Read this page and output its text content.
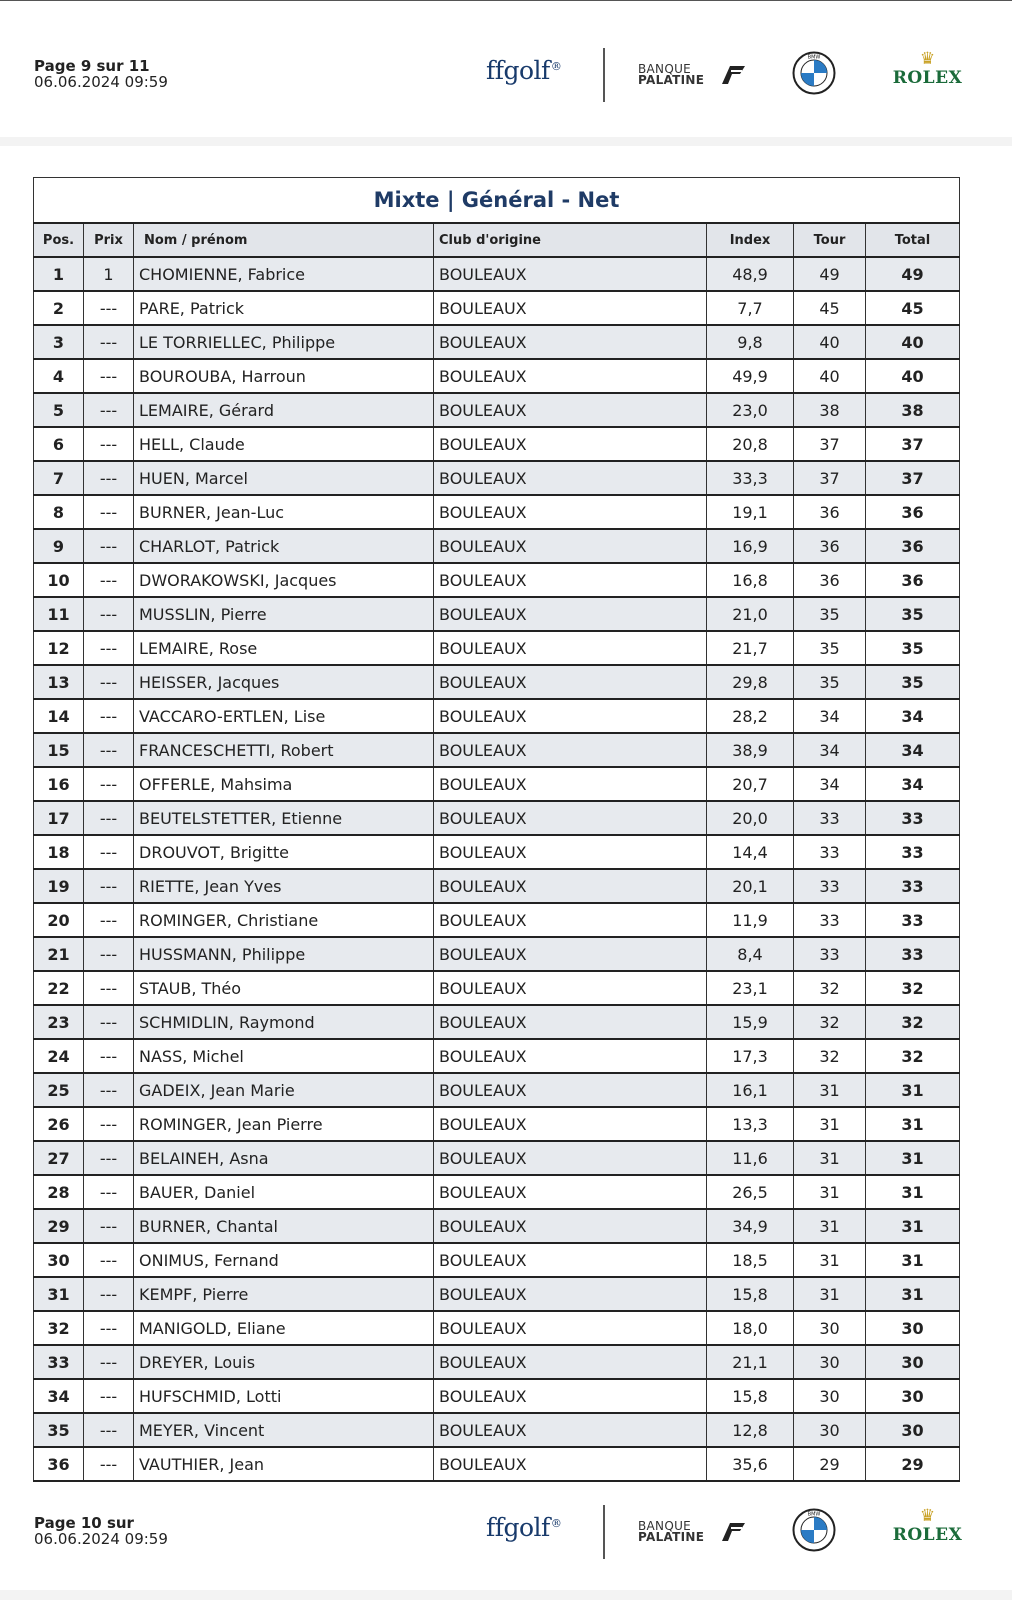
Page 9 sur 11
06.06.2024 09:59	ffgolf®	BANQUE
PALATINE
BMW	♛
ROLEX
Page 10 sur
06.06.2024 09:59	ffgolf®	BANQUE
PALATINE
BMW	♛
ROLEX
Mixte | Général - Net						
Pos.	Prix	Nom / prénom	Club d'origine	Index	Tour	Total
1	1	CHOMIENNE, Fabrice	BOULEAUX	48,9	49	49
2	---	PARE, Patrick	BOULEAUX	7,7	45	45
3	---	LE TORRIELLEC, Philippe	BOULEAUX	9,8	40	40
4	---	BOUROUBA, Harroun	BOULEAUX	49,9	40	40
5	---	LEMAIRE, Gérard	BOULEAUX	23,0	38	38
6	---	HELL, Claude	BOULEAUX	20,8	37	37
7	---	HUEN, Marcel	BOULEAUX	33,3	37	37
8	---	BURNER, Jean-Luc	BOULEAUX	19,1	36	36
9	---	CHARLOT, Patrick	BOULEAUX	16,9	36	36
10	---	DWORAKOWSKI, Jacques	BOULEAUX	16,8	36	36
11	---	MUSSLIN, Pierre	BOULEAUX	21,0	35	35
12	---	LEMAIRE, Rose	BOULEAUX	21,7	35	35
13	---	HEISSER, Jacques	BOULEAUX	29,8	35	35
14	---	VACCARO-ERTLEN, Lise	BOULEAUX	28,2	34	34
15	---	FRANCESCHETTI, Robert	BOULEAUX	38,9	34	34
16	---	OFFERLE, Mahsima	BOULEAUX	20,7	34	34
17	---	BEUTELSTETTER, Etienne	BOULEAUX	20,0	33	33
18	---	DROUVOT, Brigitte	BOULEAUX	14,4	33	33
19	---	RIETTE, Jean Yves	BOULEAUX	20,1	33	33
20	---	ROMINGER, Christiane	BOULEAUX	11,9	33	33
21	---	HUSSMANN, Philippe	BOULEAUX	8,4	33	33
22	---	STAUB, Théo	BOULEAUX	23,1	32	32
23	---	SCHMIDLIN, Raymond	BOULEAUX	15,9	32	32
24	---	NASS, Michel	BOULEAUX	17,3	32	32
25	---	GADEIX, Jean Marie	BOULEAUX	16,1	31	31
26	---	ROMINGER, Jean Pierre	BOULEAUX	13,3	31	31
27	---	BELAINEH, Asna	BOULEAUX	11,6	31	31
28	---	BAUER, Daniel	BOULEAUX	26,5	31	31
29	---	BURNER, Chantal	BOULEAUX	34,9	31	31
30	---	ONIMUS, Fernand	BOULEAUX	18,5	31	31
31	---	KEMPF, Pierre	BOULEAUX	15,8	31	31
32	---	MANIGOLD, Eliane	BOULEAUX	18,0	30	30
33	---	DREYER, Louis	BOULEAUX	21,1	30	30
34	---	HUFSCHMID, Lotti	BOULEAUX	15,8	30	30
35	---	MEYER, Vincent	BOULEAUX	12,8	30	30
36	---	VAUTHIER, Jean	BOULEAUX	35,6	29	29
